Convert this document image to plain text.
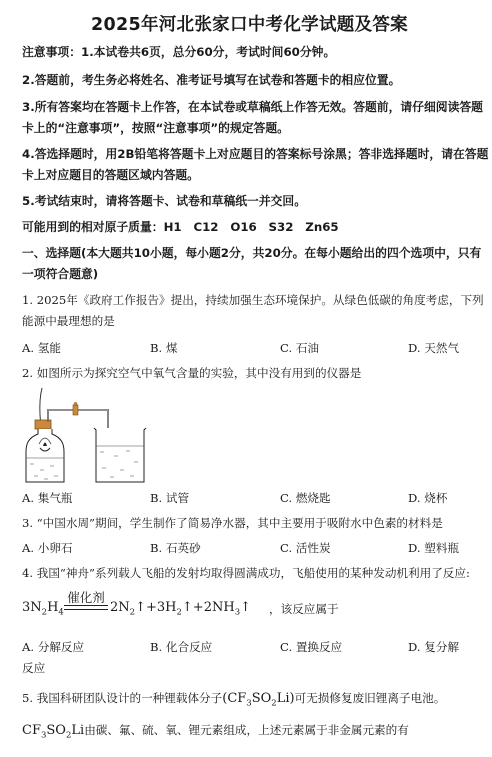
2025年河北张家口中考化学试题及答案
注意事项：1.本试卷共6页，总分60分，考试时间60分钟。
2.答题前，考生务必将姓名、准考证号填写在试卷和答题卡的相应位置。
3.所有答案均在答题卡上作答，在本试卷或草稿纸上作答无效。答题前，请仔细阅读答题
卡上的“注意事项”，按照“注意事项”的规定答题。
4.答选择题时，用2B铅笔将答题卡上对应题目的答案标号涂黑；答非选择题时，请在答题
卡上对应题目的答题区域内答题。
5.考试结束时，请将答题卡、试卷和草稿纸一并交回。
可能用到的相对原子质量：H1　C12　O16　S32　Zn65
一、选择题(本大题共10小题，每小题2分，共20分。在每小题给出的四个选项中，只有
一项符合题意)
1. 2025年《政府工作报告》提出，持续加强生态环境保护。从绿色低碳的角度考虑，下列
能源中最理想的是
A. 氢能	B. 煤	C. 石油	D. 天然气
2. 如图所示为探究空气中氧气含量的实验，其中没有用到的仪器是
A. 集气瓶	B. 试管	C. 燃烧匙	D. 烧杯
3. “中国水周”期间，学生制作了简易净水器，其中主要用于吸附水中色素的材料是
A. 小卵石	B. 石英砂	C. 活性炭	D. 塑料瓶
4. 我国“神舟”系列载人飞船的发射均取得圆满成功，飞船使用的某种发动机利用了反应:
$3N_2H_4$
催化剂
$2N_2↑+3H_2↑+2NH_3↑$ ，该反应属于
A. 分解反应	B. 化合反应	C. 置换反应	D. 复分解
反应
5. 我国科研团队设计的一种锂载体分子$(CF_3SO_2Li)$可无损修复废旧锂离子电池。
$CF_3SO_2Li$由碳、氟、硫、氧、锂元素组成，上述元素属于非金属元素的有
